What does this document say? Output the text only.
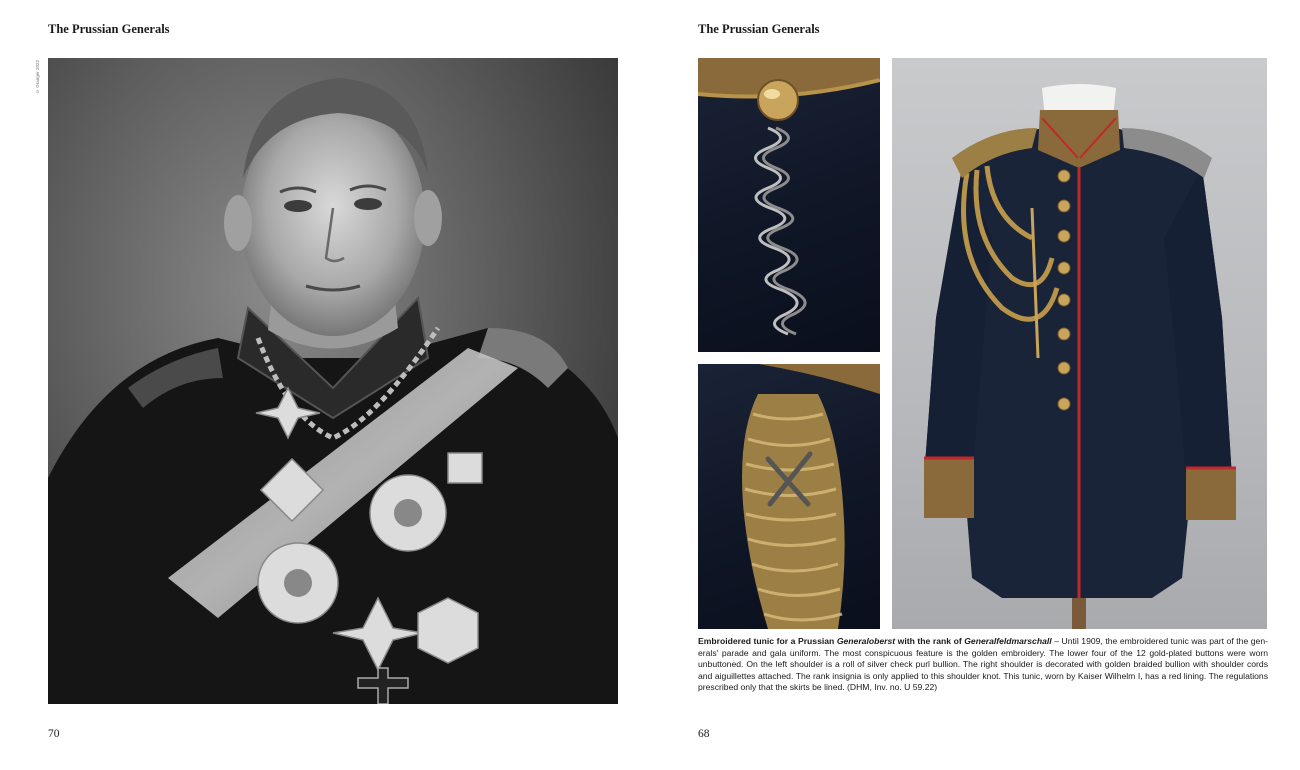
The Prussian Generals
© Granger 2022
70
The Prussian Generals
Embroidered tunic for a Prussian Generaloberst with the rank of Generalfeldmarschall – Until 1909, the embroidered tunic was part of the generals' parade and gala uniform. The most conspicuous feature is the golden embroidery. The lower four of the 12 gold-plated buttons were worn unbuttoned. On the left shoulder is a roll of silver check purl bullion. The right shoulder is decorated with golden braided bullion with shoulder cords and aiguillettes attached. The rank insignia is only applied to this shoulder knot. This tunic, worn by Kaiser Wilhelm I, has a red lining. The regulations prescribed only that the skirts be lined. (DHM, Inv. no. U 59.22)
68
